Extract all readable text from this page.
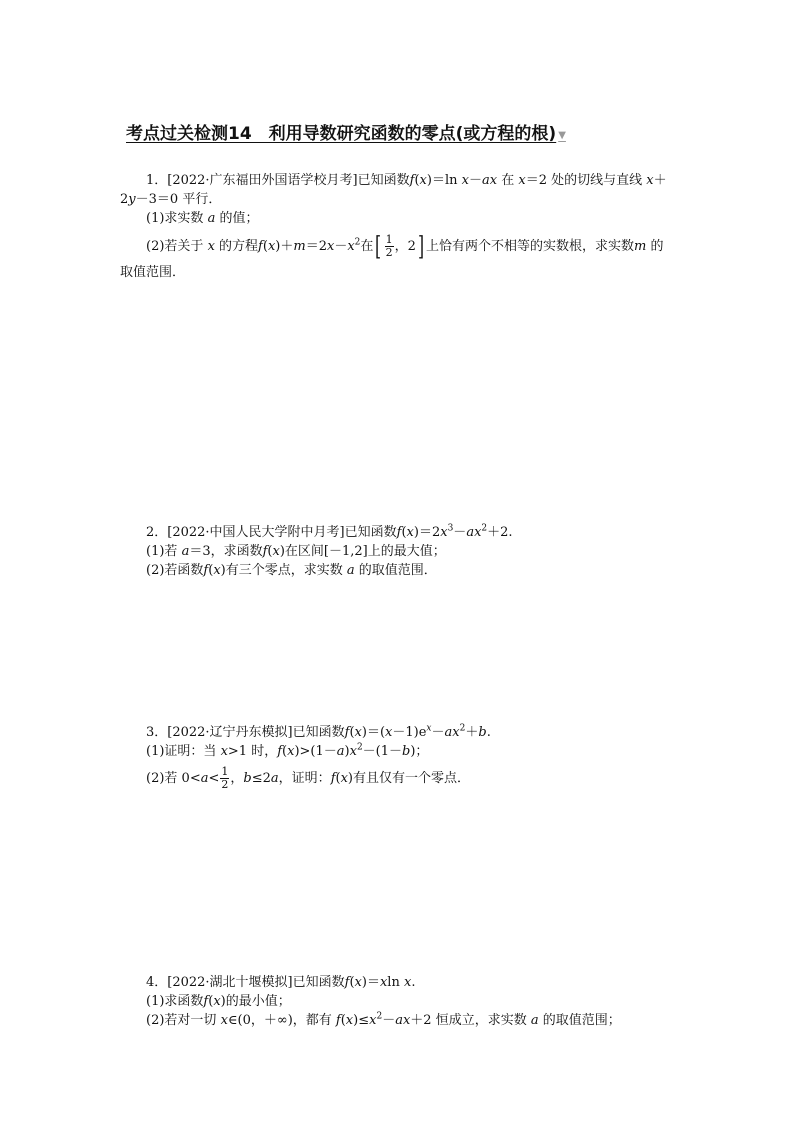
考点过关检测14　利用导数研究函数的零点(或方程的根) ▼
1．[2022·广东福田外国语学校月考]已知函数f(x)＝ln x－ax 在 x＝2 处的切线与直线 x＋
2y－3＝0 平行．
(1)求实数 a 的值；
(2)若关于 x 的方程$f(x)+m=2x-x^2$在[ $\frac{1}{2}$ ，2] 上恰有两个不相等的实数根，求实数m 的
取值范围．
2．[2022·中国人民大学附中月考]已知函数$f(x)=2x^3-ax^2+2$.
(1)若 a＝3，求函数f(x)在区间[－1,2]上的最大值；
(2)若函数f(x)有三个零点，求实数 a 的取值范围．
3．[2022·辽宁丹东模拟]已知函数$f(x)=(x-1)e^x-ax^2+b$.
(1)证明：当 x>1 时，$f(x)>(1-a)x^2-(1-b)$；
(2)若 $0<a< \frac{1}{2}$ ，b≤2a，证明：f(x)有且仅有一个零点．
4．[2022·湖北十堰模拟]已知函数f(x)＝xln x.
(1)求函数f(x)的最小值；
(2)若对一切 x∈(0，＋∞)，都有 $f(x)\le x^2-ax+2$ 恒成立，求实数 a 的取值范围；
